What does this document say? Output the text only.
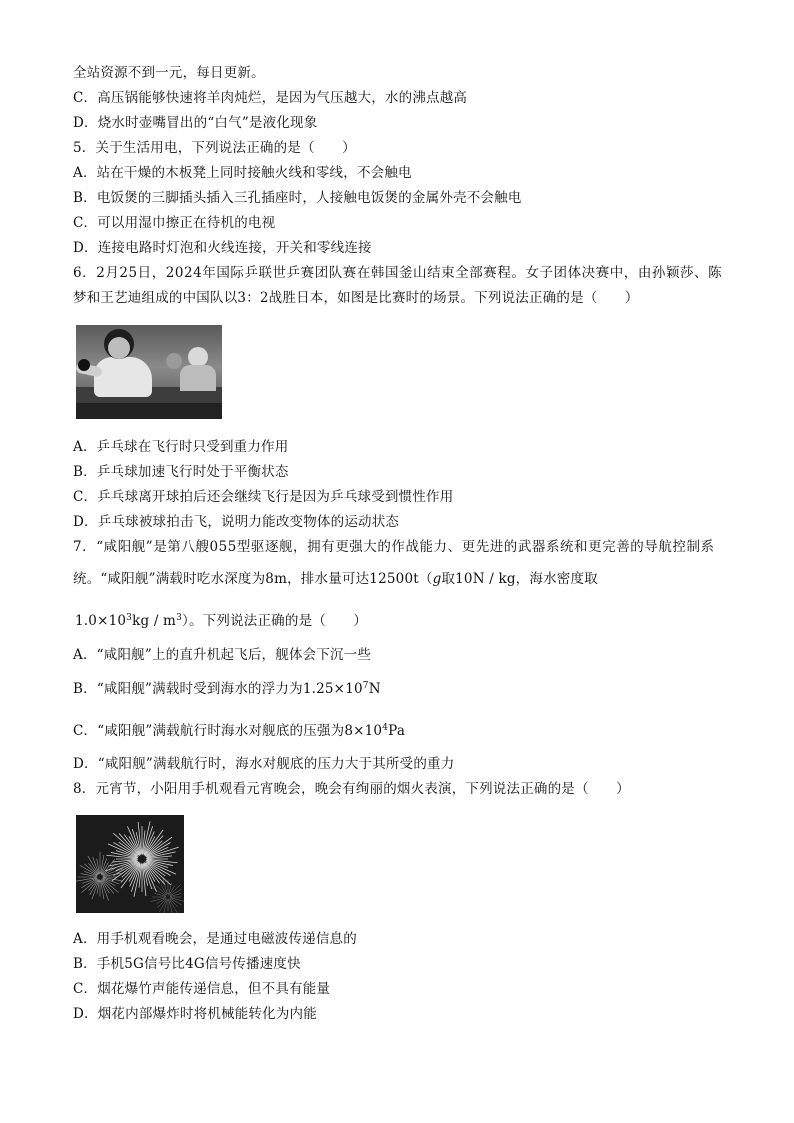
全站资源不到一元，每日更新。
C．高压锅能够快速将羊肉炖烂，是因为气压越大，水的沸点越高
D．烧水时壶嘴冒出的“白气”是液化现象
5．关于生活用电，下列说法正确的是（　　）
A．站在干燥的木板凳上同时接触火线和零线，不会触电
B．电饭煲的三脚插头插入三孔插座时，人接触电饭煲的金属外壳不会触电
C．可以用湿巾擦正在待机的电视
D．连接电路时灯泡和火线连接，开关和零线连接
6．2月25日，2024年国际乒联世乒赛团队赛在韩国釜山结束全部赛程。女子团体决赛中，由孙颖莎、陈
梦和王艺迪组成的中国队以3：2战胜日本，如图是比赛时的场景。下列说法正确的是（　　）
A．乒乓球在飞行时只受到重力作用
B．乒乓球加速飞行时处于平衡状态
C．乒乓球离开球拍后还会继续飞行是因为乒乓球受到惯性作用
D．乒乓球被球拍击飞，说明力能改变物体的运动状态
7．“咸阳舰”是第八艘055型驱逐舰，拥有更强大的作战能力、更先进的武器系统和更完善的导航控制系
统。“咸阳舰”满载时吃水深度为8m，排水量可达12500t（g取10N / kg，海水密度取
$1.0\times 10^3kg / m^3$）。下列说法正确的是（　　）
A．“咸阳舰”上的直升机起飞后，舰体会下沉一些
B．“咸阳舰”满载时受到海水的浮力为$1.25\times 10^7N$
C．“咸阳舰”满载航行时海水对舰底的压强为$8\times 10^4Pa$
D．“咸阳舰”满载航行时，海水对舰底的压力大于其所受的重力
8．元宵节，小阳用手机观看元宵晚会，晚会有绚丽的烟火表演，下列说法正确的是（　　）
A．用手机观看晚会，是通过电磁波传递信息的
B．手机5G信号比4G信号传播速度快
C．烟花爆竹声能传递信息，但不具有能量
D．烟花内部爆炸时将机械能转化为内能
